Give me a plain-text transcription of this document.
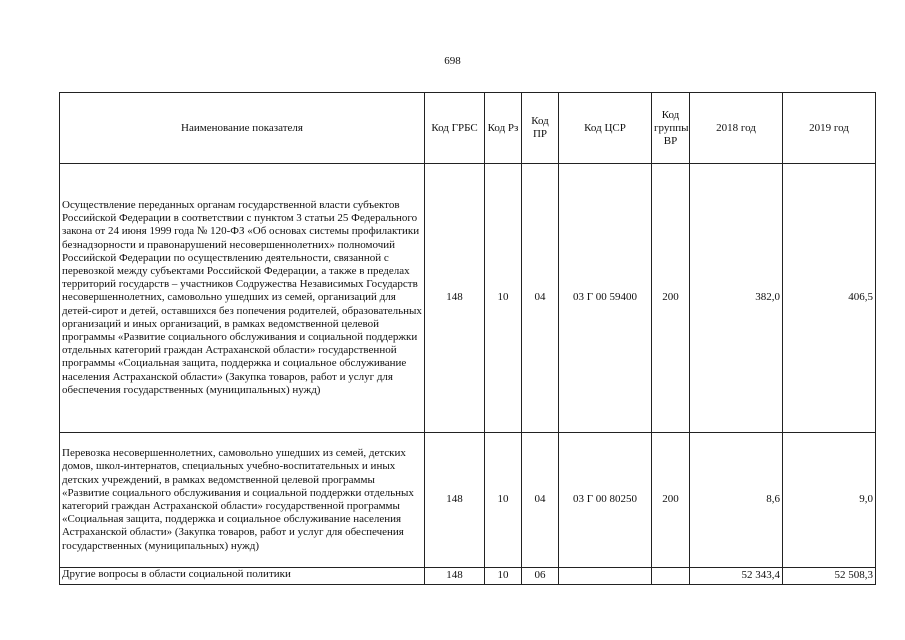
698
Наименование показателя	Код ГРБС	Код Рз	Код ПР	Код ЦСР	Код группы ВР	2018 год	2019 год
Осуществление переданных органам государственной власти субъектов Российской Федерации в соответствии с пунктом 3 статьи 25 Федерального закона от 24 июня 1999 года № 120-ФЗ «Об основах системы профилактики безнадзорности и правонарушений несовершеннолетних» полномочий Российской Федерации по осуществлению деятельности, связанной с перевозкой между субъектами Российской Федерации, а также в пределах территорий государств – участников Содружества Независимых Государств несовершеннолетних, самовольно ушедших из семей, организаций для детей-сирот и детей, оставшихся без попечения родителей, образовательных организаций и иных организаций, в рамках ведомственной целевой программы «Развитие социального обслуживания и социальной поддержки отдельных категорий граждан Астраханской области» государственной программы «Социальная защита, поддержка и социальное обслуживание населения Астраханской области» (Закупка товаров, работ и услуг для обеспечения государственных (муниципальных) нужд)	148	10	04	03 Г 00 59400	200	382,0	406,5
Перевозка несовершеннолетних, самовольно ушедших из семей, детских домов, школ-интернатов, специальных учебно-воспитательных и иных детских учреждений, в рамках ведомственной целевой программы «Развитие социального обслуживания и социальной поддержки отдельных категорий граждан Астраханской области» государственной программы «Социальная защита, поддержка и социальное обслуживание населения Астраханской области» (Закупка товаров, работ и услуг для обеспечения государственных (муниципальных) нужд)	148	10	04	03 Г 00 80250	200	8,6	9,0
Другие вопросы в области социальной политики	148	10	06			52 343,4	52 508,3
